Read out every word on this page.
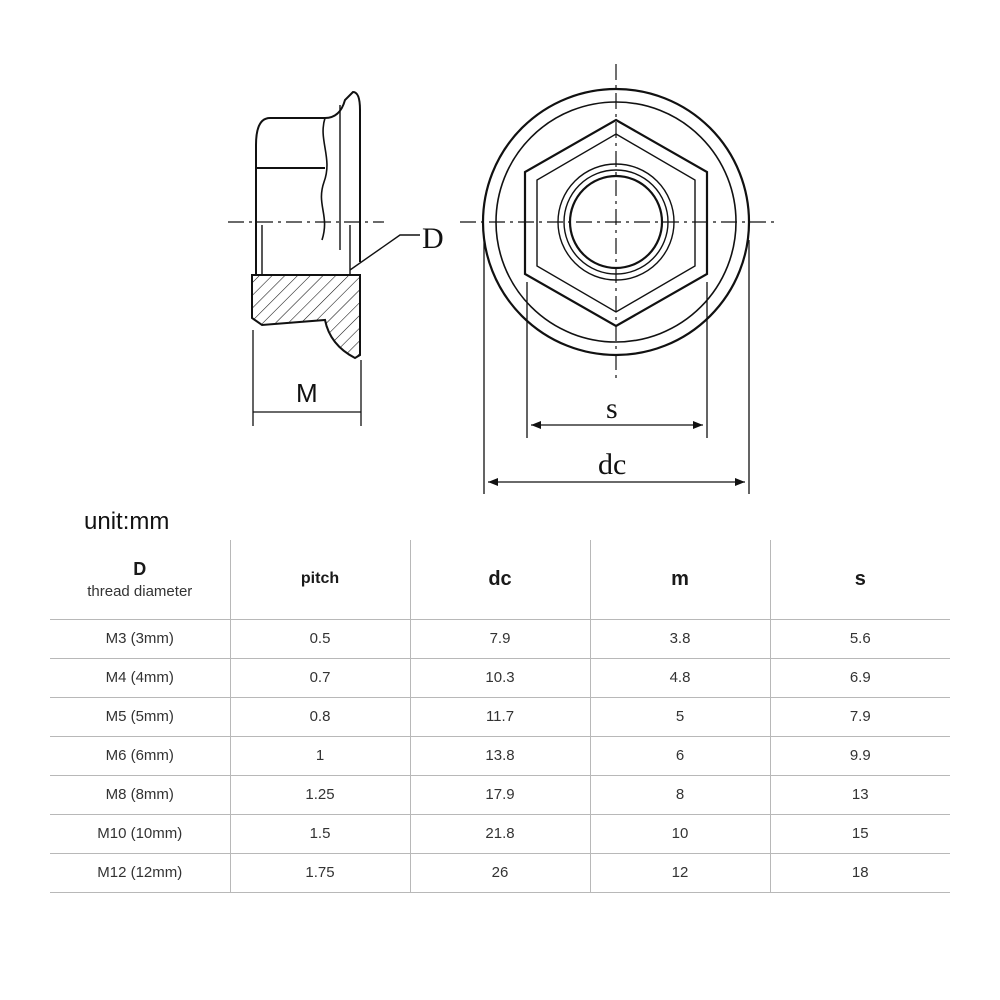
D
M	s
dc
unit:mm
D
thread diameter	pitch	dc	m	s
M3 (3mm)	0.5	7.9	3.8	5.6
M4 (4mm)	0.7	10.3	4.8	6.9
M5 (5mm)	0.8	11.7	5	7.9
M6 (6mm)	1	13.8	6	9.9
M8 (8mm)	1.25	17.9	8	13
M10 (10mm)	1.5	21.8	10	15
M12 (12mm)	1.75	26	12	18
